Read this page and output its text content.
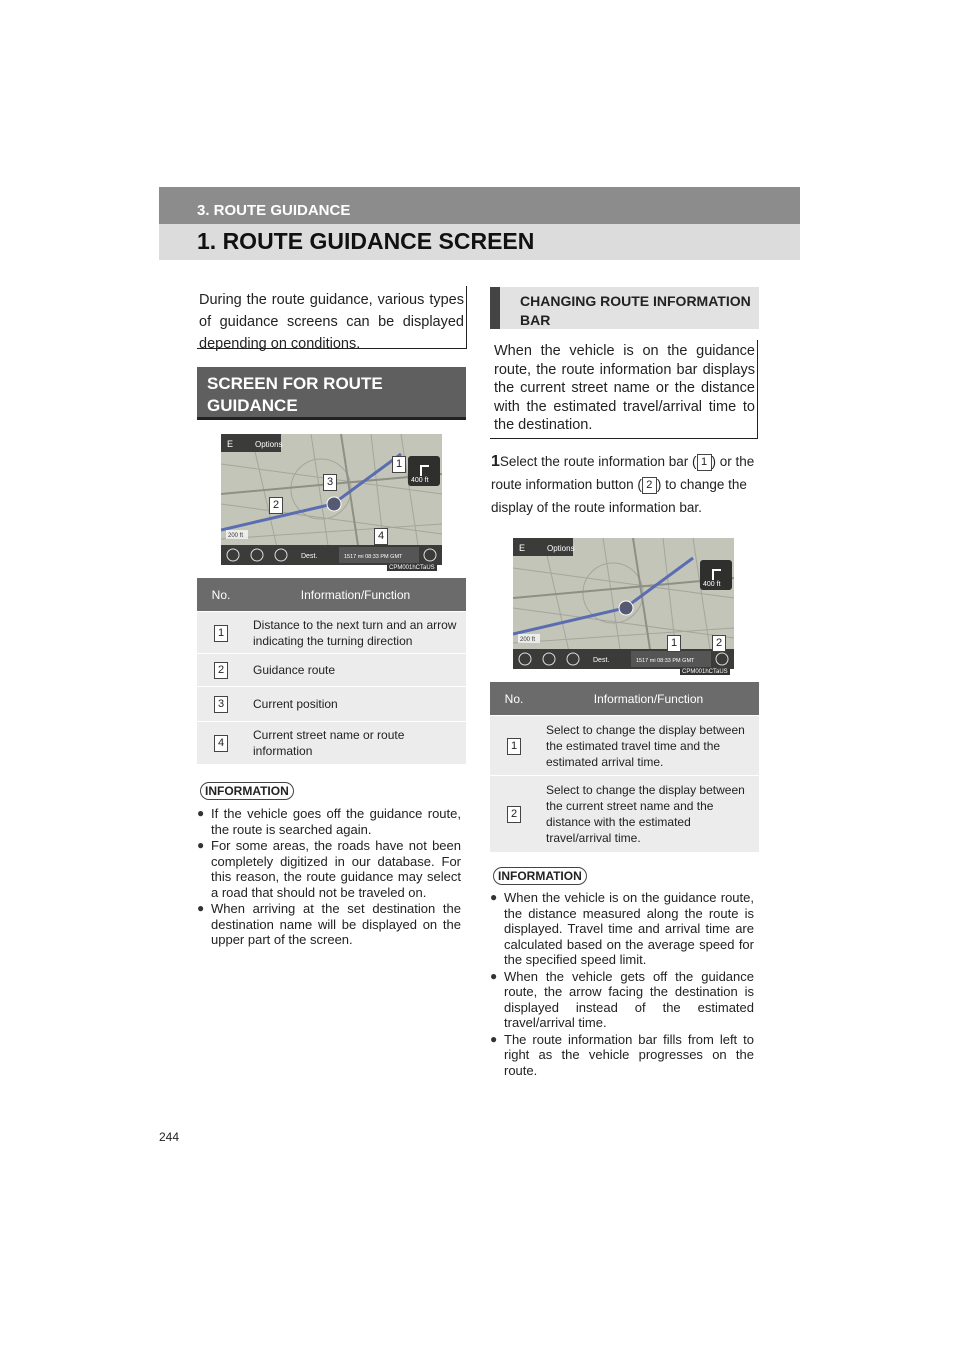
3. ROUTE GUIDANCE
1. ROUTE GUIDANCE SCREEN

During the route guidance, various types of guidance screens can be displayed depending on conditions.

SCREEN FOR ROUTE GUIDANCE
E	Options
400 ft
200 ft
Dest.	1517 mi 08:33 PM GMT
1
2
3
4
CPM001hCTaUS
No.	Information/Function
1	Distance to the next turn and an arrow indicating the turning direction
2	Guidance route
3	Current position
4	Current street name or route information
INFORMATION
● If the vehicle goes off the guidance route, the route is searched again.
● For some areas, the roads have not been completely digitized in our database. For this reason, the route guidance may select a road that should not be traveled on.
● When arriving at the set destination the destination name will be displayed on the upper part of the screen.
CHANGING ROUTE INFORMATION BAR

When the vehicle is on the guidance route, the route information bar displays the current street name or the distance with the estimated travel/arrival time to the destination.

1Select the route information bar ( 1 ) or the route information button ( 2 ) to change the display of the route information bar.
E	Options
400 ft
200 ft
Dest.	1517 mi 08:33 PM GMT
1	2
CPM001hCTaUS
No.	Information/Function
1	Select to change the display between the estimated travel time and the estimated arrival time.
2	Select to change the display between the current street name and the distance with the estimated travel/arrival time.
INFORMATION
● When the vehicle is on the guidance route, the distance measured along the route is displayed. Travel time and arrival time are calculated based on the average speed for the specified speed limit.
● When the vehicle gets off the guidance route, the arrow facing the destination is displayed instead of the estimated travel/arrival time.
● The route information bar fills from left to right as the vehicle progresses on the route.
244
